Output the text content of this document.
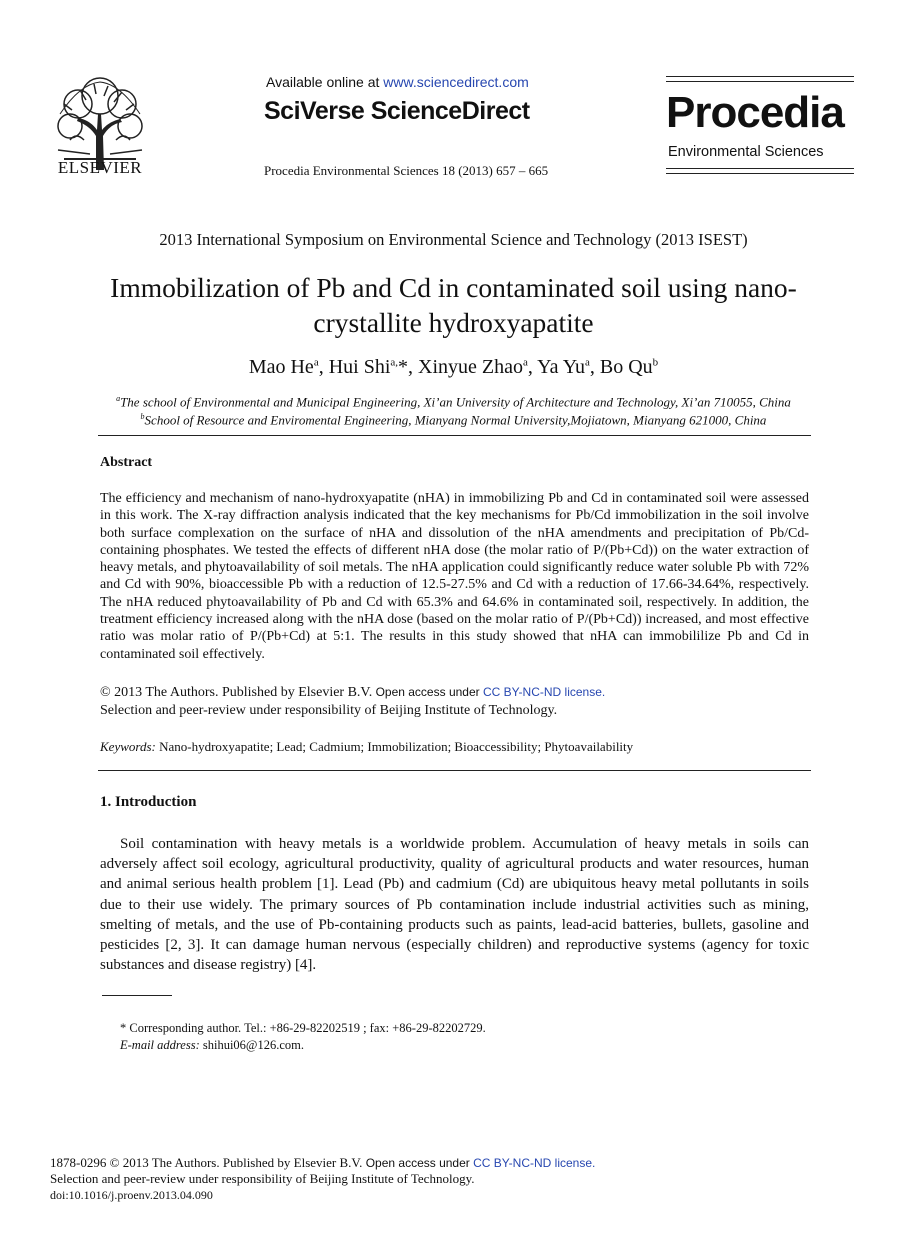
ELSEVIER
Available online at www.sciencedirect.com
SciVerse ScienceDirect
Procedia Environmental Sciences 18 (2013) 657 – 665
Procedia
Environmental Sciences
2013 International Symposium on Environmental Science and Technology (2013 ISEST)
Immobilization of Pb and Cd in contaminated soil using nano-crystallite hydroxyapatite
Mao He$^a$, Hui Shi$^{a,}$*, Xinyue Zhao$^a$, Ya Yu$^a$, Bo Qu$^b$
$^a$The school of Environmental and Municipal Engineering, Xi’an University of Architecture and Technology, Xi’an 710055, China
$^b$School of Resource and Enviromental Engineering, Mianyang Normal University,Mojiatown, Mianyang 621000, China
Abstract
The efficiency and mechanism of nano-hydroxyapatite (nHA) in immobilizing Pb and Cd in contaminated soil were assessed in this work. The X-ray diffraction analysis indicated that the key mechanisms for Pb/Cd immobilization in the soil involve both surface complexation on the surface of nHA and dissolution of the nHA amendments and precipitation of Pb/Cd-containing phosphates. We tested the effects of different nHA dose (the molar ratio of P/(Pb+Cd)) on the water extraction of heavy metals, and phytoavailability of soil metals. The nHA application could significantly reduce water soluble Pb with 72% and Cd with 90%, bioaccessible Pb with a reduction of 12.5-27.5% and Cd with a reduction of 17.66-34.64%, respectively. The nHA reduced phytoavailability of Pb and Cd with 65.3% and 64.6% in contaminated soil, respectively. In addition, the treatment efficiency increased along with the nHA dose (based on the molar ratio of P/(Pb+Cd)) increased, and most effective ratio was molar ratio of P/(Pb+Cd) at 5:1. The results in this study showed that nHA can immobililize Pb and Cd in contaminated soil effectively.
© 2013 The Authors. Published by Elsevier B.V. Open access under CC BY-NC-ND license.
Selection and peer-review under responsibility of Beijing Institute of Technology.
Keywords: Nano-hydroxyapatite; Lead; Cadmium; Immobilization; Bioaccessibility; Phytoavailability
1. Introduction
Soil contamination with heavy metals is a worldwide problem. Accumulation of heavy metals in soils can adversely affect soil ecology, agricultural productivity, quality of agricultural products and water resources, human and animal serious health problem [1]. Lead (Pb) and cadmium (Cd) are ubiquitous heavy metal pollutants in soils due to their use widely. The primary sources of Pb contamination include industrial activities such as mining, smelting of metals, and the use of Pb-containing products such as paints, lead-acid batteries, bullets, gasoline and pesticides [2, 3]. It can damage human nervous (especially children) and reproductive systems (agency for toxic substances and disease registry) [4].
* Corresponding author. Tel.: +86-29-82202519 ; fax: +86-29-82202729.
E-mail address: shihui06@126.com.
1878-0296 © 2013 The Authors. Published by Elsevier B.V. Open access under CC BY-NC-ND license.
Selection and peer-review under responsibility of Beijing Institute of Technology.
doi:10.1016/j.proenv.2013.04.090
